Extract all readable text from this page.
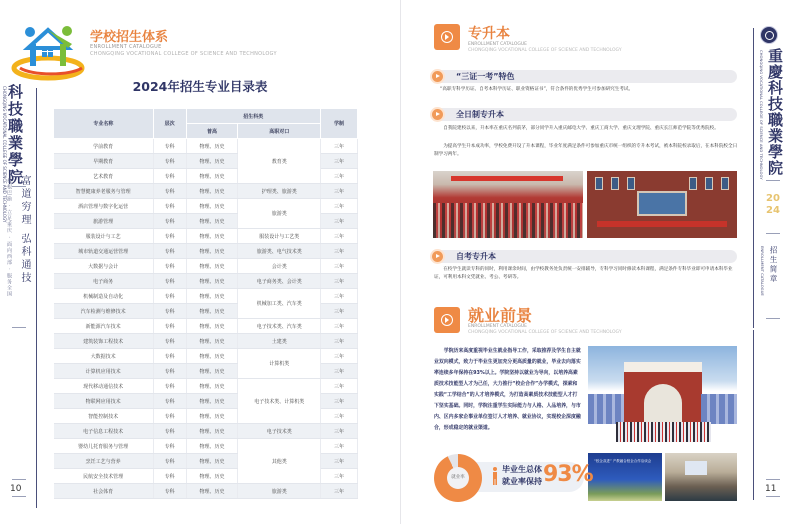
学校招生体系
ENROLLMENT CATALOGUE
CHONGQING VOCATIONAL COLLEGE OF SCIENCE AND TECHNOLOGY
CHONGQING VOCATIONAL COLLEGE OF SCIENCE AND TECHNOLOGY 科技職業學院
札根巴渝 · 立足重庆 · 面向西部 · 服务全国 富道穷理 弘科通技
10
2024年招生专业目录表
专业名称	层次	招生科类		学制
		普高	高职对口	
学前教育	专科	物理、历史	教育类	三年
早期教育	专科	物理、历史		三年
艺术教育	专科	物理、历史		三年
智慧健康养老服务与管理	专科	物理、历史	护理类、旅游类	三年
酒店管理与数字化运营	专科	物理、历史	旅游类	三年
旅游管理	专科	物理、历史		三年
服装设计与工艺	专科	物理、历史	服装设计与工艺类	三年
城市轨道交通运营管理	专科	物理、历史	旅游类、电气技术类	三年
大数据与会计	专科	物理、历史	会计类	三年
电子商务	专科	物理、历史	电子商务类、会计类	三年
机械制造及自动化	专科	物理、历史	机械加工类、汽车类	三年
汽车检测与维修技术	专科	物理、历史		三年
新能源汽车技术	专科	物理、历史	电子技术类、汽车类	三年
建筑装饰工程技术	专科	物理、历史	土建类	三年
大数据技术	专科	物理、历史	计算机类	三年
计算机应用技术	专科	物理、历史		三年
现代移动通信技术	专科	物理、历史	电子技术类、计算机类	三年
物联网应用技术	专科	物理、历史		三年
智能控制技术	专科	物理、历史		三年
电子信息工程技术	专科	物理、历史	电子技术类	三年
婴幼儿托育服务与管理	专科	物理、历史	其他类	三年
烹饪工艺与营养	专科	物理、历史		三年
民航安全技术管理	专科	物理、历史		三年
社会体育	专科	物理、历史	旅游类	三年
专升本
ENROLLMENT CATALOGUE
CHONGQING VOCATIONAL COLLEGE OF SCIENCE AND TECHNOLOGY
“三证一考”特色
“高职专科学历证、自考本科学历证、职业资格证书”，符合条件的优秀学生可参加研究生考试。
全日制专升本
自我院建校以来，升本率在重庆名列前茅，部分同学升入重庆邮电大学、重庆工商大学、重庆文理学院、重庆长江师范学院等优秀院校。
为提高学生升本成功率，学校免费开设了升本课程，毕业年度满足条件可参加重庆市统一组织的专升本考试，被本科院校录取后，在本科院校全日制学习两年。
自考专升本
在校学生就读专科的同时，利用课余时间，由学校教务处负责统一安排辅导，专科学习同时修读本科课程，满足条件专科毕业即可申请本科毕业证，可利用本科文凭就业、考公、考研等。
就业前景
ENROLLMENT CATALOGUE
CHONGQING VOCATIONAL COLLEGE OF SCIENCE AND TECHNOLOGY
学院历来高度重视毕业生就业指导工作，采取推荐及学生自主就业双向模式，致力于毕业生更加充分更高质量的就业，毕业去向落实率连续多年保持在93%以上。学院坚持以就业为导向，以培养高素质技术技能型人才为己任，大力推行“校企合作”办学模式，探索和实践“工学结合”的人才培养模式，为打造高素质技术技能型人才打下坚实基础。同时，学院注重学生实际能力与人格、人品培养，与市内、区内多家企事业单位签订人才培养、就业协议，实现校企深度融合，形成稳定的就业渠道。
“校企双进” 产教融合校企合作洽谈会
就业率
毕业生总体
就业率保持 93%
CHONGQING VOCATIONAL COLLEGE OF SCIENCE AND TECHNOLOGY 重慶科技職業學院
20
24
ENROLLMENT CATALOGUE 招生简章
11
